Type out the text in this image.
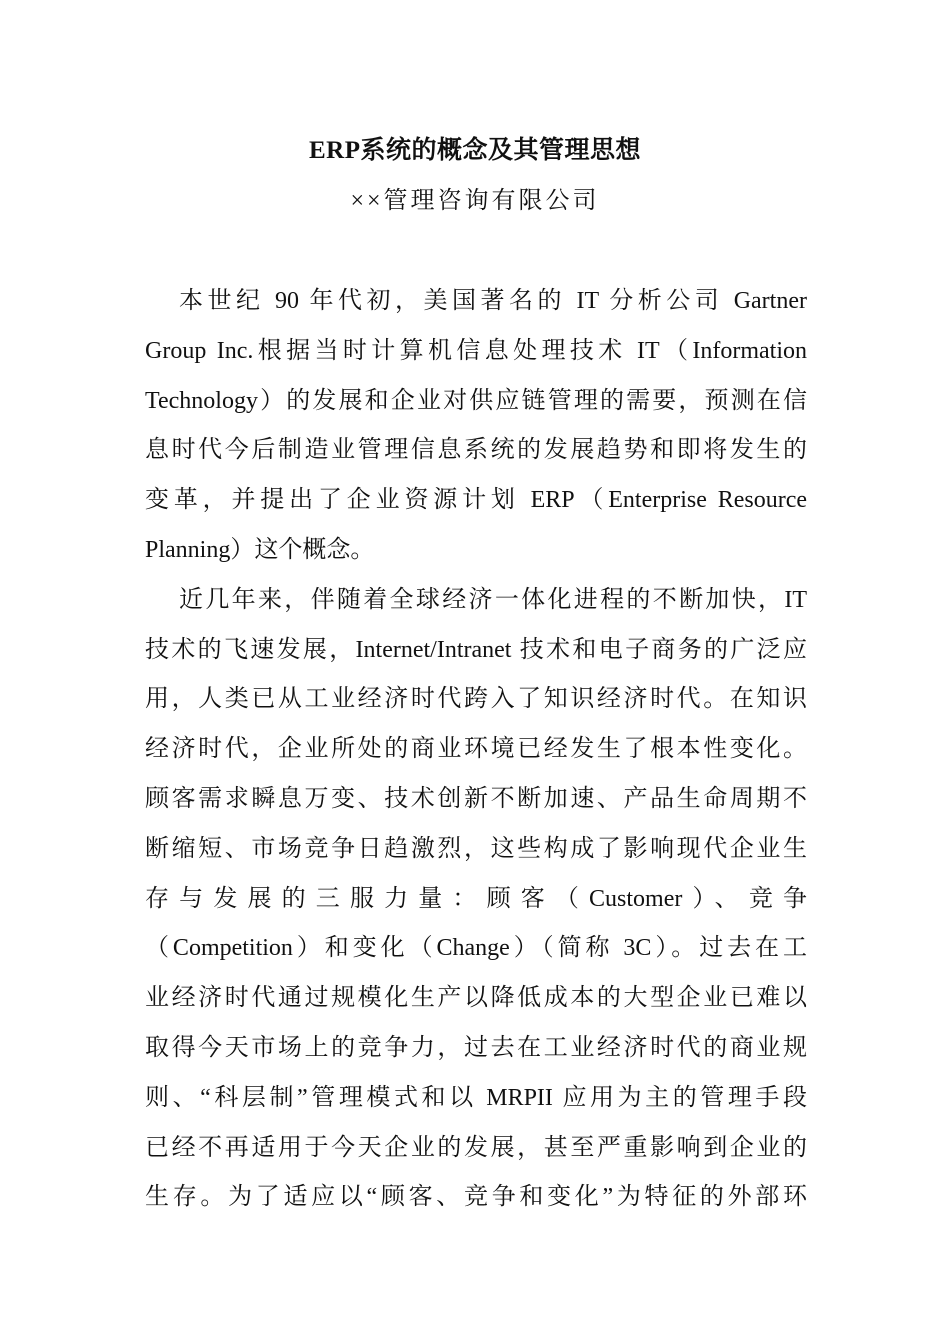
ERP系统的概念及其管理思想
××管理咨询有限公司
本世纪 90 年代初，美国著名的 IT 分析公司 Gartner
Group Inc.根据当时计算机信息处理技术 IT（Information
Technology）的发展和企业对供应链管理的需要，预测在信
息时代今后制造业管理信息系统的发展趋势和即将发生的
变革，并提出了企业资源计划 ERP（Enterprise Resource
Planning）这个概念。
近几年来，伴随着全球经济一体化进程的不断加快，IT
技术的飞速发展，Internet/Intranet 技术和电子商务的广泛应
用，人类已从工业经济时代跨入了知识经济时代。在知识
经济时代，企业所处的商业环境已经发生了根本性变化。
顾客需求瞬息万变、技术创新不断加速、产品生命周期不
断缩短、市场竞争日趋激烈，这些构成了影响现代企业生
存与发展的三服力量：顾客（Customer）、竞争
（Competition）和变化（Change）（简称 3C）。过去在工
业经济时代通过规模化生产以降低成本的大型企业已难以
取得今天市场上的竞争力，过去在工业经济时代的商业规
则、“科层制”管理模式和以 MRPII 应用为主的管理手段
已经不再适用于今天企业的发展，甚至严重影响到企业的
生存。为了适应以“顾客、竞争和变化”为特征的外部环
